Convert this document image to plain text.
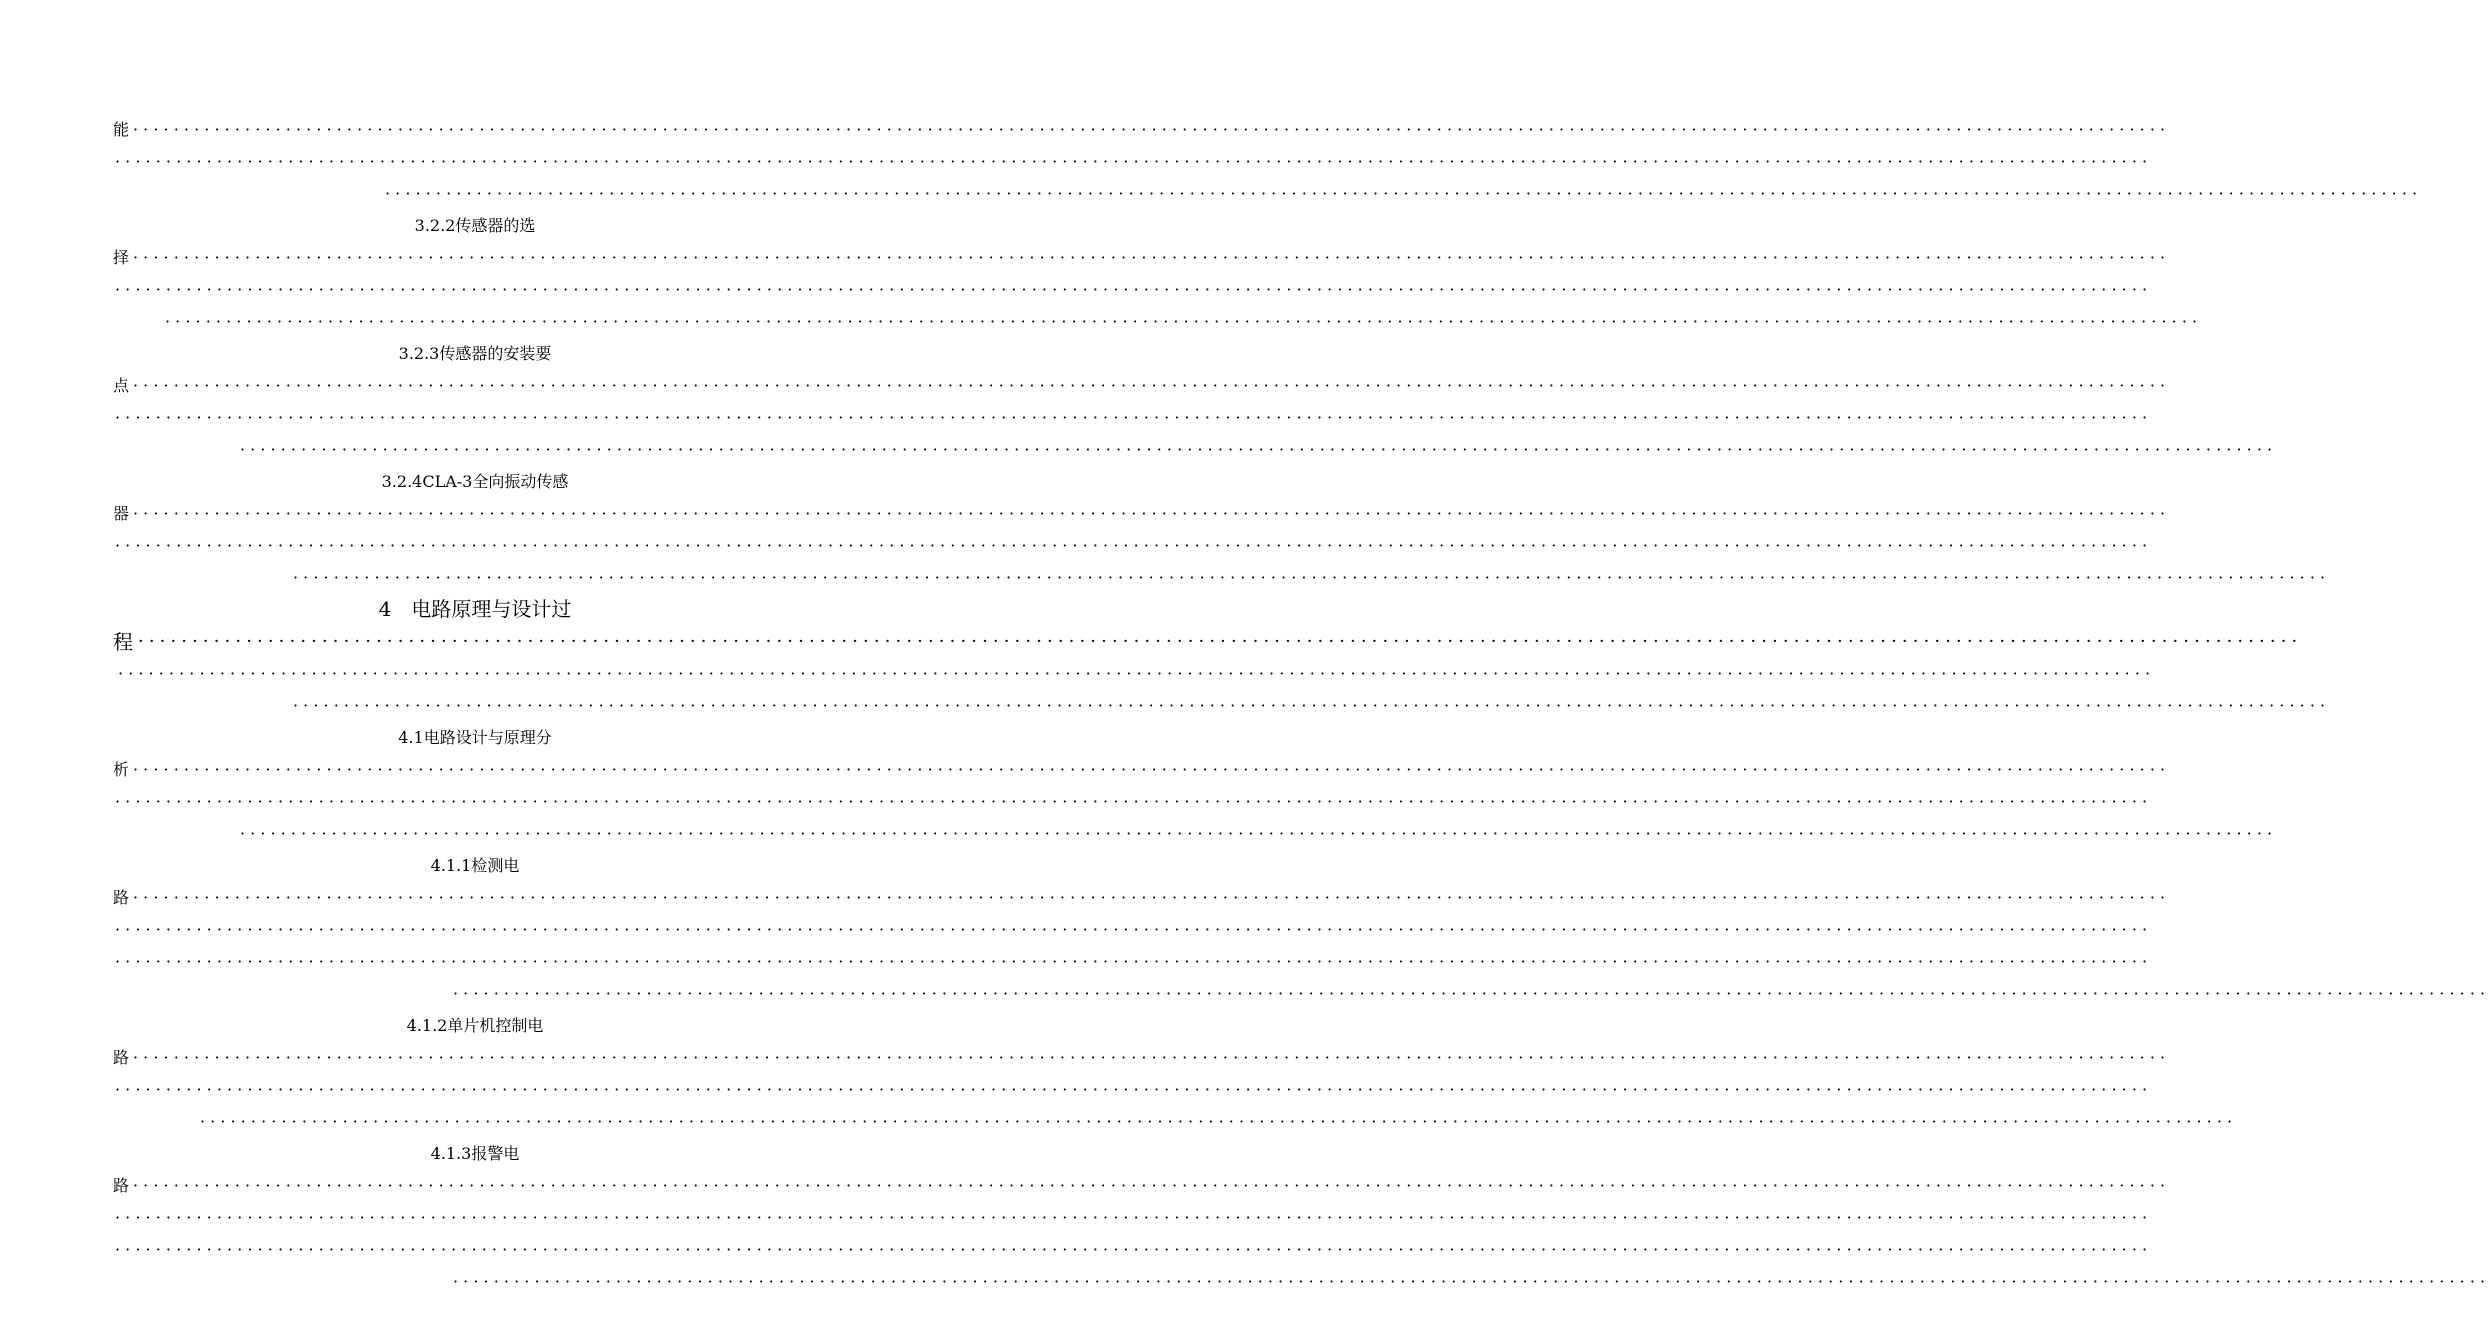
能 ········································································································································································································
········································································································································································································
········································································································································································································
3.2.2传感器的选
择 ········································································································································································································
········································································································································································································
········································································································································································································
3.2.3传感器的安装要
点 ········································································································································································································
········································································································································································································
········································································································································································································
3.2.4CLA-3全向振动传感
器 ········································································································································································································
········································································································································································································
········································································································································································································
4　电路原理与设计过
程 ········································································································································································································
········································································································································································································
········································································································································································································
4.1电路设计与原理分
析 ········································································································································································································
········································································································································································································
········································································································································································································
4.1.1检测电
路 ········································································································································································································
········································································································································································································
········································································································································································································
········································································································································································································
4.1.2单片机控制电
路 ········································································································································································································
········································································································································································································
········································································································································································································
4.1.3报警电
路 ········································································································································································································
········································································································································································································
········································································································································································································
········································································································································································································
